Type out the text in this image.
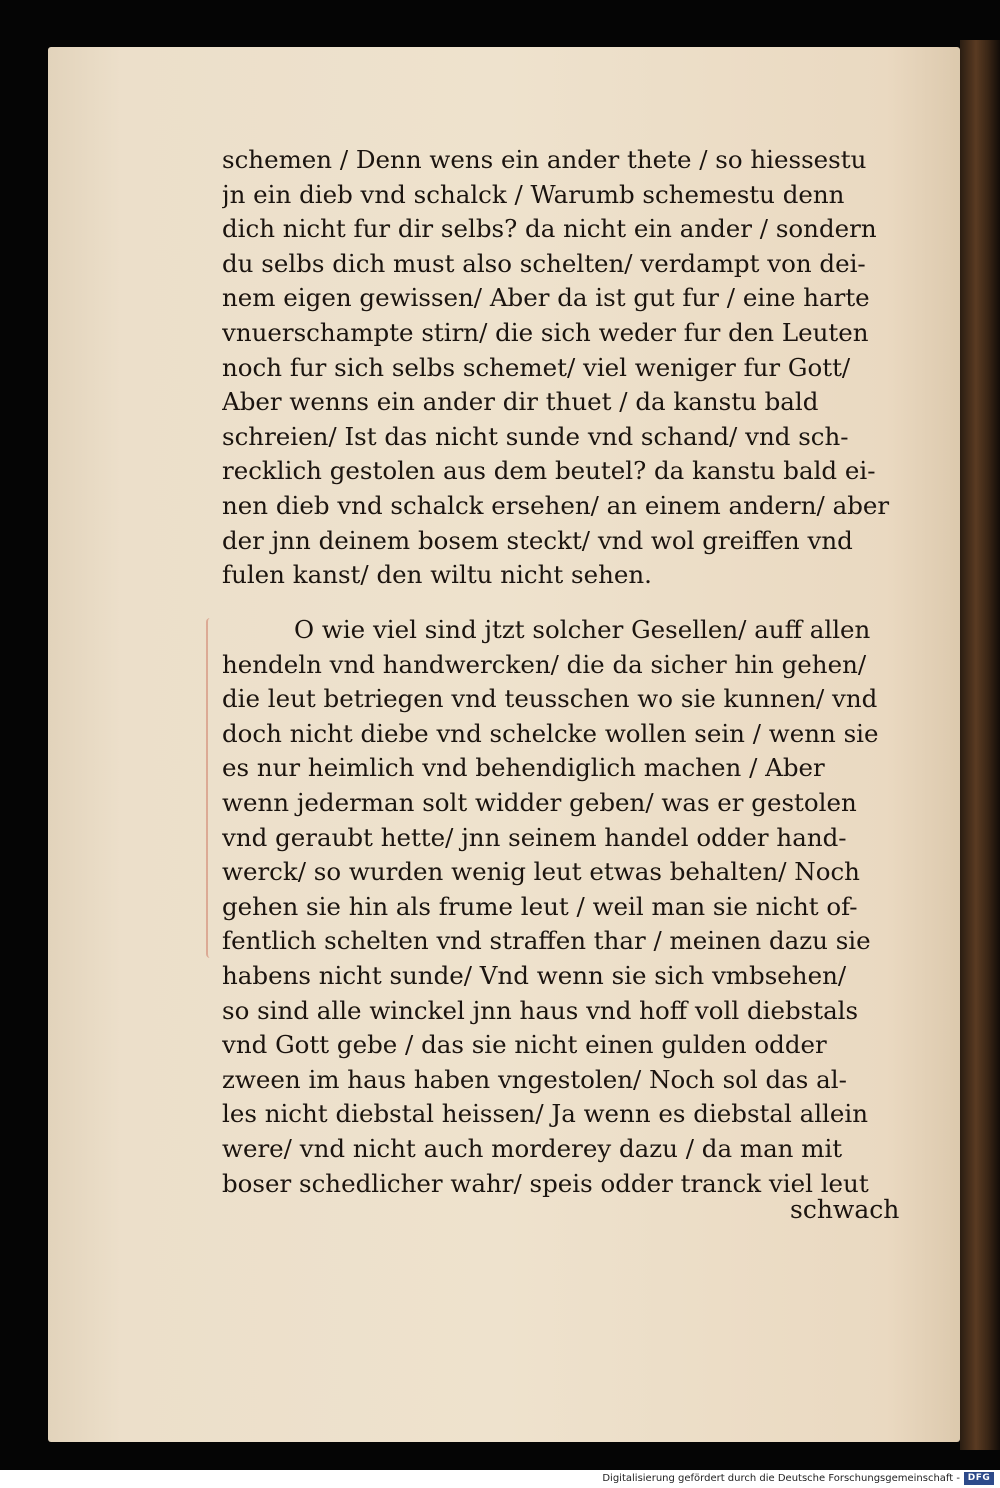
schemen / Denn wens ein ander thete / so hiessestu
jn ein dieb vnd schalck / Warumb schemestu denn
dich nicht fur dir selbs? da nicht ein ander / sondern
du selbs dich must also schelten/ verdampt von dei-
nem eigen gewissen/ Aber da ist gut fur / eine harte
vnuerschampte stirn/ die sich weder fur den Leuten
noch fur sich selbs schemet/ viel weniger fur Gott/
Aber wenns ein ander dir thuet / da kanstu bald
schreien/ Ist das nicht sunde vnd schand/ vnd sch-
recklich gestolen aus dem beutel? da kanstu bald ei-
nen dieb vnd schalck ersehen/ an einem andern/ aber
der jnn deinem bosem steckt/ vnd wol greiffen vnd
fulen kanst/ den wiltu nicht sehen.
O wie viel sind jtzt solcher Gesellen/ auff allen
hendeln vnd handwercken/ die da sicher hin gehen/
die leut betriegen vnd teusschen wo sie kunnen/ vnd
doch nicht diebe vnd schelcke wollen sein / wenn sie
es nur heimlich vnd behendiglich machen / Aber
wenn jederman solt widder geben/ was er gestolen
vnd geraubt hette/ jnn seinem handel odder hand-
werck/ so wurden wenig leut etwas behalten/ Noch
gehen sie hin als frume leut / weil man sie nicht of-
fentlich schelten vnd straffen thar / meinen dazu sie
habens nicht sunde/ Vnd wenn sie sich vmbsehen/
so sind alle winckel jnn haus vnd hoff voll diebstals
vnd Gott gebe / das sie nicht einen gulden odder
zween im haus haben vngestolen/ Noch sol das al-
les nicht diebstal heissen/ Ja wenn es diebstal allein
were/ vnd nicht auch morderey dazu / da man mit
boser schedlicher wahr/ speis odder tranck viel leut
schwach
Digitalisierung gefördert durch die Deutsche Forschungsgemeinschaft - DFG
